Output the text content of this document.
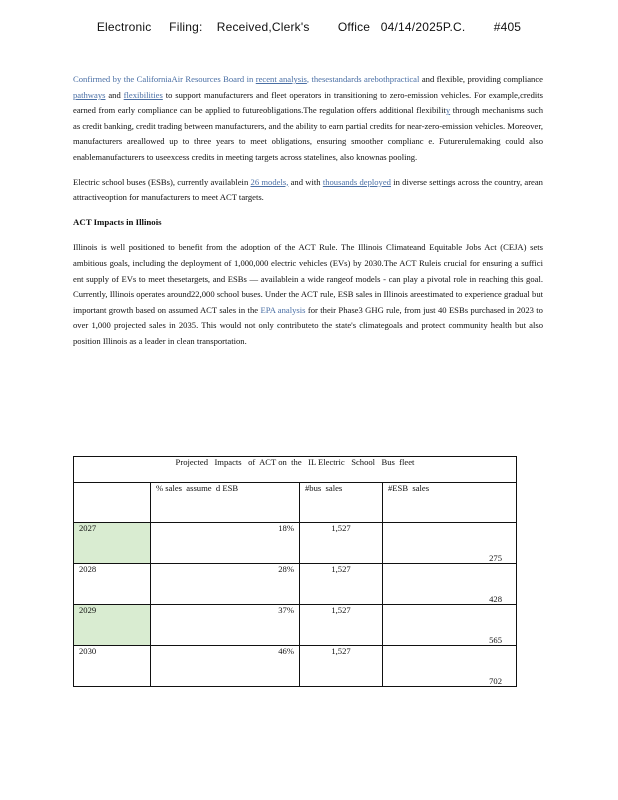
Electronic     Filing:    Received,Clerk's        Office   04/14/2025P.C.        #405

Confirmed by the CaliforniaAir Resources Board in recent analysis, thesestandards arebothpractical and flexible, providing compliance pathways and flexibilities to support manufacturers and fleet operators in transitioning to zero-emission vehicles. For example,credits earned from early compliance can be applied to futureobligations.The regulation offers additional flexibility through mechanisms such as credit banking, credit trading between manufacturers, and the ability to earn partial credits for near-zero-emission vehicles. Moreover, manufacturers areallowed up to three years to meet obligations, ensuring smoother complianc e. Futurerulemaking could also enablemanufacturers to useexcess credits in meeting targets across statelines, also knownas pooling.

Electric school buses (ESBs), currently availablein 26 models, and with thousands deployed in diverse settings across the country, arean attractiveoption for manufacturers to meet ACT targets.

ACT Impacts in Illinois

Illinois is well positioned to benefit from the adoption of the ACT Rule. The Illinois Climateand Equitable Jobs Act (CEJA) sets ambitious goals, including the deployment of 1,000,000 electric vehicles (EVs) by 2030.The ACT Ruleis crucial for ensuring a suffici ent supply of EVs to meet thesetargets, and ESBs — availablein a wide rangeof models - can play a pivotal role in reaching this goal. Currently, Illinois operates around22,000 school buses. Under the ACT rule, ESB sales in Illinois areestimated to experience gradual but important growth based on assumed ACT sales in the EPA analysis for their Phase3 GHG rule, from just 40 ESBs purchased in 2023 to over 1,000 projected sales in 2035. This would not only contributeto the state's climategoals and protect community health but also position Illinois as a leader in clean transportation.

Projected   Impacts   of  ACT on  the   IL Electric   School   Bus  fleet			
	% sales  assume  d ESB	#bus  sales	#ESB  sales
2027	18%	1,527	275
2028	28%	1,527	428
2029	37%	1,527	565
2030	46%	1,527	702
